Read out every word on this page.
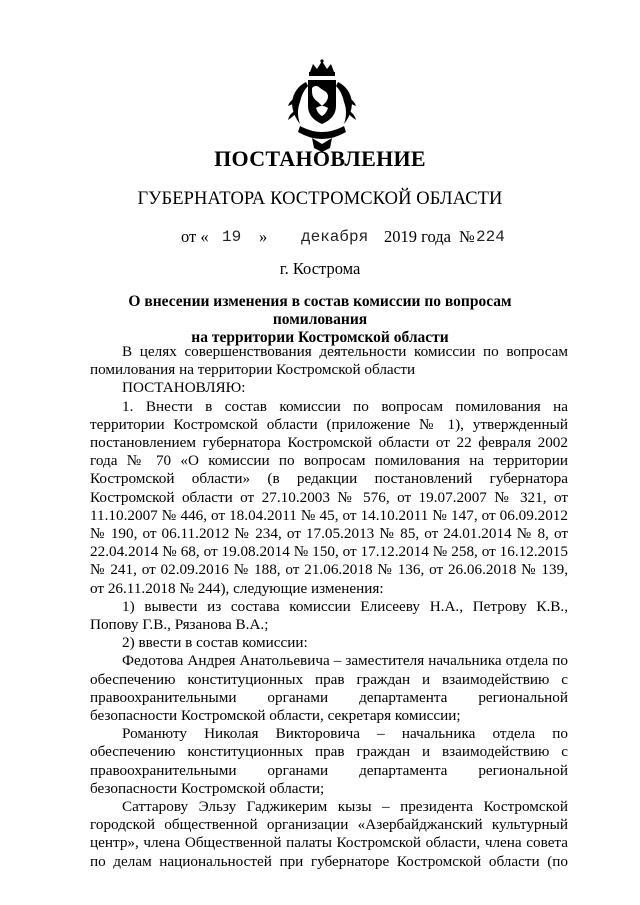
ПОСТАНОВЛЕНИЕ
ГУБЕРНАТОРА КОСТРОМСКОЙ ОБЛАСТИ
от « 19 » декабря 2019 года № 224
г. Кострома
О внесении изменения в состав комиссии по вопросам помилования
на территории Костромской области

В целях совершенствования деятельности комиссии по вопросам помилования на территории Костромской области

ПОСТАНОВЛЯЮ:

1. Внести в состав комиссии по вопросам помилования на территории Костромской области (приложение № 1), утвержденный постановлением губернатора Костромской области от 22 февраля 2002 года № 70 «О комиссии по вопросам помилования на территории Костромской области» (в редакции постановлений губернатора Костромской области от 27.10.2003 № 576, от 19.07.2007 № 321, от 11.10.2007 № 446, от 18.04.2011 № 45, от 14.10.2011 № 147, от 06.09.2012 № 190, от 06.11.2012 № 234, от 17.05.2013 № 85, от 24.01.2014 № 8, от 22.04.2014 № 68, от 19.08.2014 № 150, от 17.12.2014 № 258, от 16.12.2015 № 241, от 02.09.2016 № 188, от 21.06.2018 № 136, от 26.06.2018 № 139, от 26.11.2018 № 244), следующие изменения:

1) вывести из состава комиссии Елисееву Н.А., Петрову К.В., Попову Г.В., Рязанова В.А.;

2) ввести в состав комиссии:

Федотова Андрея Анатольевича – заместителя начальника отдела по обеспечению конституционных прав граждан и взаимодействию с правоохранительными органами департамента региональной безопасности Костромской области, секретаря комиссии;

Романюту Николая Викторовича – начальника отдела по обеспечению конституционных прав граждан и взаимодействию с правоохранительными органами департамента региональной безопасности Костромской области;

Саттарову Эльзу Гаджикерим кызы – президента Костромской городской общественной организации «Азербайджанский культурный центр», члена Общественной палаты Костромской области, члена совета по делам национальностей при губернаторе Костромской области (по
